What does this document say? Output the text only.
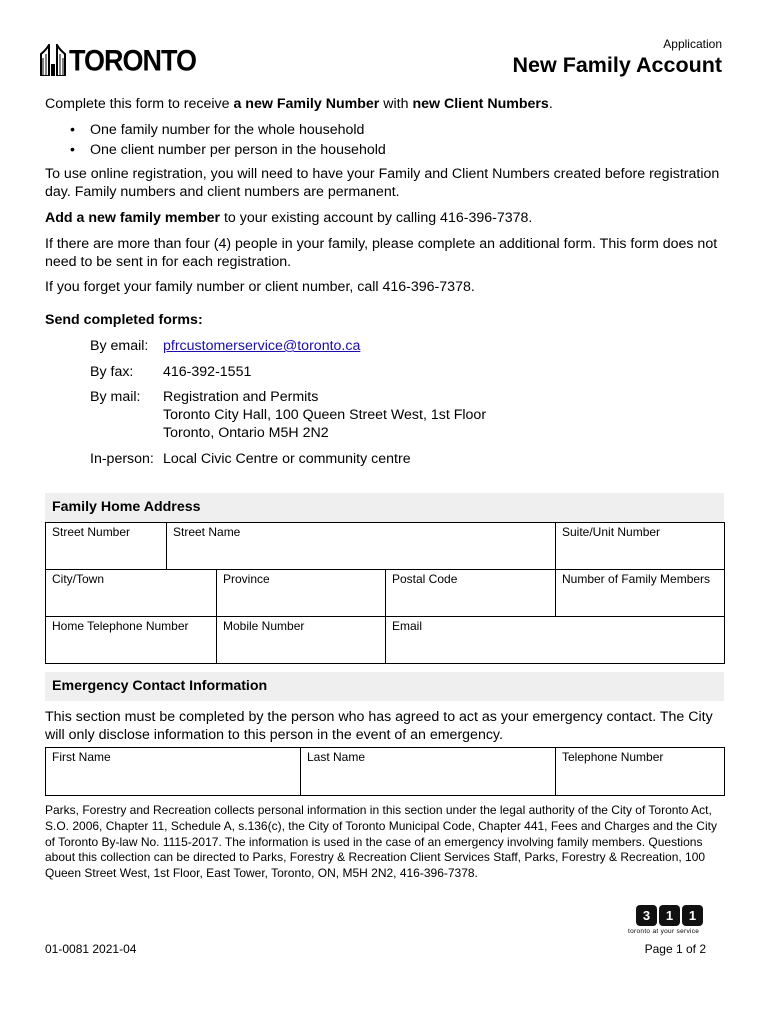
TORONTO
Application
New Family Account
Complete this form to receive a new Family Number with new Client Numbers.
• One family number for the whole household
• One client number per person in the household
To use online registration, you will need to have your Family and Client Numbers created before registration day. Family numbers and client numbers are permanent.
Add a new family member to your existing account by calling 416-396-7378.
If there are more than four (4) people in your family, please complete an additional form. This form does not need to be sent in for each registration.
If you forget your family number or client number, call 416-396-7378.
Send completed forms:
By email:	pfrcustomerservice@toronto.ca
By fax:	416-392-1551
By mail:	Registration and Permits
Toronto City Hall, 100 Queen Street West, 1st Floor
Toronto, Ontario M5H 2N2
In-person: Local Civic Centre or community centre
Family Home Address
Street Number	Street Name	Suite/Unit Number
City/Town	Province	Postal Code	Number of Family Members
Home Telephone Number	Mobile Number	Email
Emergency Contact Information
This section must be completed by the person who has agreed to act as your emergency contact. The City will only disclose information to this person in the event of an emergency.
First Name	Last Name	Telephone Number
Parks, Forestry and Recreation collects personal information in this section under the legal authority of the City of Toronto Act, S.O. 2006, Chapter 11, Schedule A, s.136(c), the City of Toronto Municipal Code, Chapter 441, Fees and Charges and the City of Toronto By-law No. 1115-2017. The information is used in the case of an emergency involving family members. Questions about this collection can be directed to Parks, Forestry & Recreation Client Services Staff, Parks, Forestry & Recreation, 100 Queen Street West, 1st Floor, East Tower, Toronto, ON, M5H 2N2, 416-396-7378.
3	1	1
toronto at your service
01-0081 2021-04	Page 1 of 2
